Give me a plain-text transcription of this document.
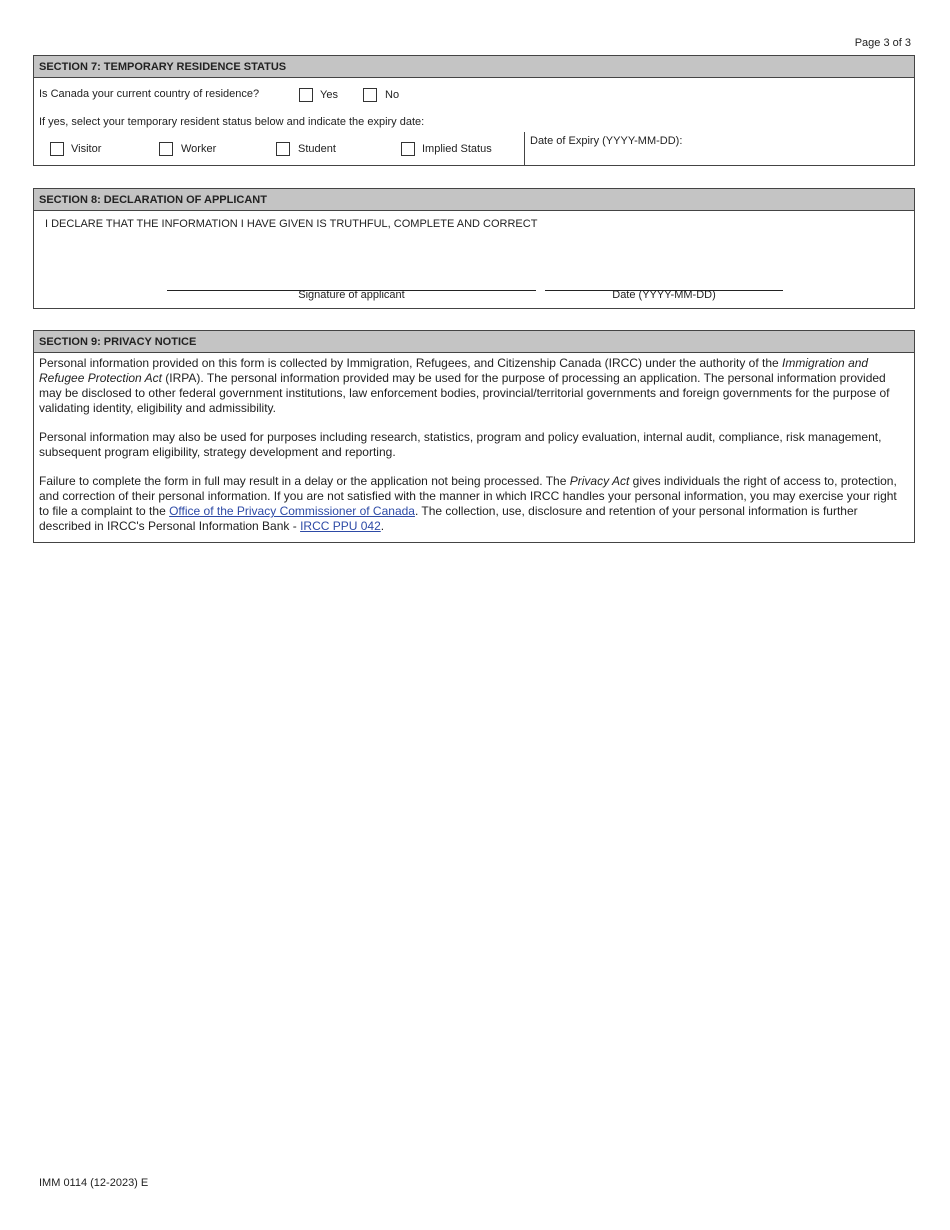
Page 3 of 3
SECTION 7: TEMPORARY RESIDENCE STATUS
Is Canada your current country of residence?	Yes	No
If yes, select your temporary resident status below and indicate the expiry date:
Visitor	Worker	Student	Implied Status
Date of Expiry (YYYY-MM-DD):
SECTION 8: DECLARATION OF APPLICANT
I DECLARE THAT THE INFORMATION I HAVE GIVEN IS TRUTHFUL, COMPLETE AND CORRECT
Signature of applicant	Date (YYYY-MM-DD)
SECTION 9: PRIVACY NOTICE

Personal information provided on this form is collected by Immigration, Refugees, and Citizenship Canada (IRCC) under the authority of the Immigration and Refugee Protection Act (IRPA). The personal information provided may be used for the purpose of processing an application. The personal information provided may be disclosed to other federal government institutions, law enforcement bodies, provincial/territorial governments and foreign governments for the purpose of validating identity, eligibility and admissibility.

Personal information may also be used for purposes including research, statistics, program and policy evaluation, internal audit, compliance, risk management, subsequent program eligibility, strategy development and reporting.

Failure to complete the form in full may result in a delay or the application not being processed. The Privacy Act gives individuals the right of access to, protection, and correction of their personal information. If you are not satisfied with the manner in which IRCC handles your personal information, you may exercise your right to file a complaint to the Office of the Privacy Commissioner of Canada. The collection, use, disclosure and retention of your personal information is further described in IRCC's Personal Information Bank - IRCC PPU 042.

IMM 0114 (12-2023) E
